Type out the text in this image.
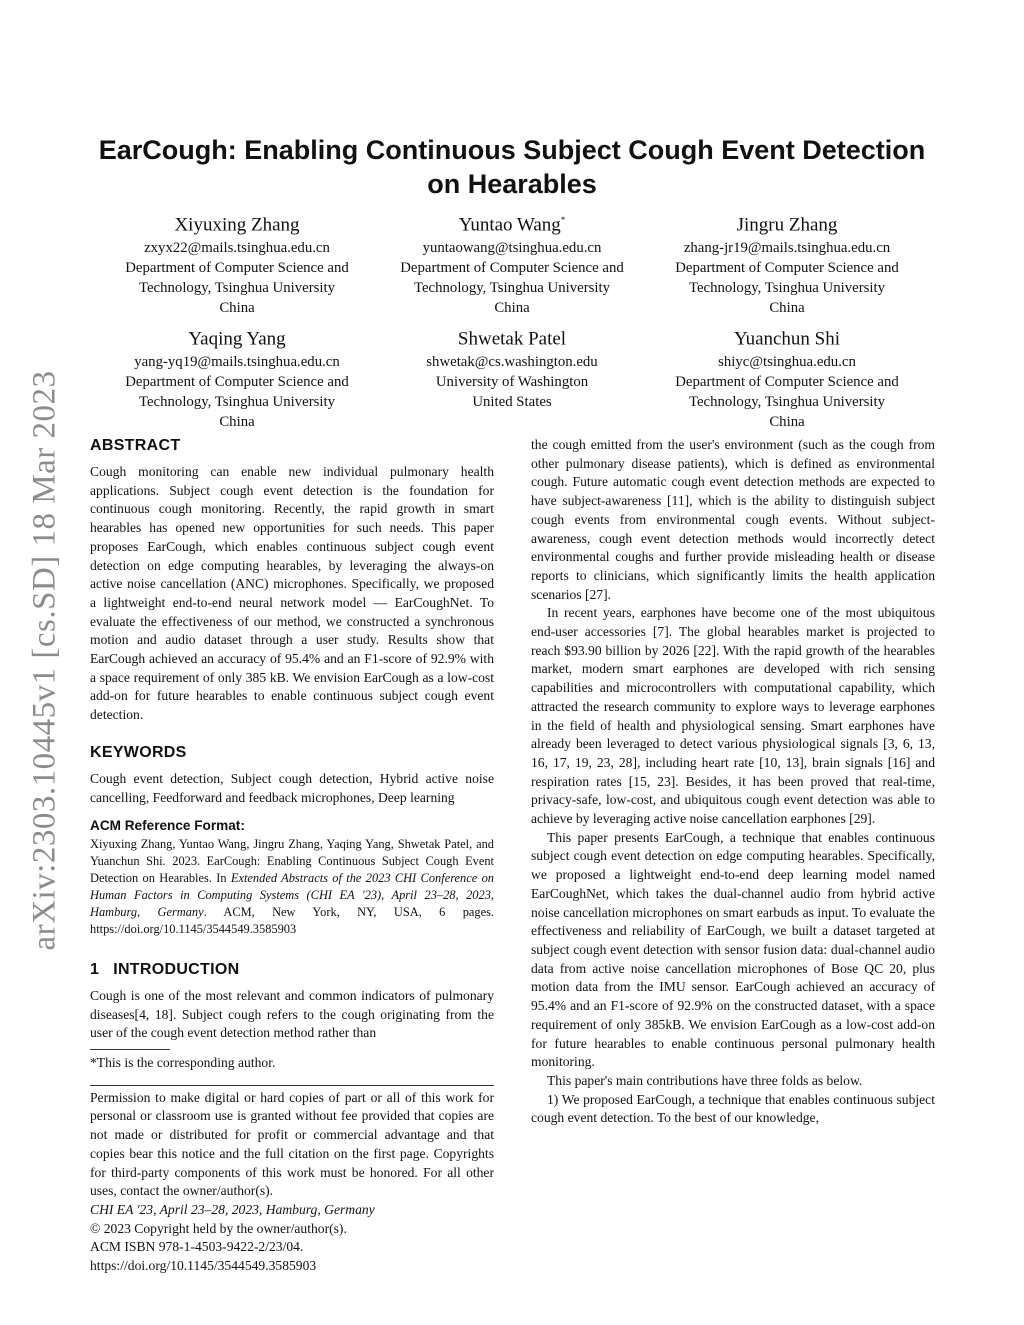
arXiv:2303.10445v1 [cs.SD] 18 Mar 2023
EarCough: Enabling Continuous Subject Cough Event Detection on Hearables
Xiyuxing Zhang
zxyx22@mails.tsinghua.edu.cn
Department of Computer Science and Technology, Tsinghua University
China
Yuntao Wang*
yuntaowang@tsinghua.edu.cn
Department of Computer Science and Technology, Tsinghua University
China
Jingru Zhang
zhang-jr19@mails.tsinghua.edu.cn
Department of Computer Science and Technology, Tsinghua University
China
Yaqing Yang
yang-yq19@mails.tsinghua.edu.cn
Department of Computer Science and Technology, Tsinghua University
China
Shwetak Patel
shwetak@cs.washington.edu
University of Washington
United States
Yuanchun Shi
shiyc@tsinghua.edu.cn
Department of Computer Science and Technology, Tsinghua University
China
ABSTRACT

Cough monitoring can enable new individual pulmonary health applications. Subject cough event detection is the foundation for continuous cough monitoring. Recently, the rapid growth in smart hearables has opened new opportunities for such needs. This paper proposes EarCough, which enables continuous subject cough event detection on edge computing hearables, by leveraging the always-on active noise cancellation (ANC) microphones. Specifically, we proposed a lightweight end-to-end neural network model — EarCoughNet. To evaluate the effectiveness of our method, we constructed a synchronous motion and audio dataset through a user study. Results show that EarCough achieved an accuracy of 95.4% and an F1-score of 92.9% with a space requirement of only 385 kB. We envision EarCough as a low-cost add-on for future hearables to enable continuous subject cough event detection.

KEYWORDS

Cough event detection, Subject cough detection, Hybrid active noise cancelling, Feedforward and feedback microphones, Deep learning

ACM Reference Format:

Xiyuxing Zhang, Yuntao Wang, Jingru Zhang, Yaqing Yang, Shwetak Patel, and Yuanchun Shi. 2023. EarCough: Enabling Continuous Subject Cough Event Detection on Hearables. In Extended Abstracts of the 2023 CHI Conference on Human Factors in Computing Systems (CHI EA '23), April 23–28, 2023, Hamburg, Germany. ACM, New York, NY, USA, 6 pages. https://doi.org/10.1145/3544549.3585903

1 INTRODUCTION

Cough is one of the most relevant and common indicators of pulmonary diseases[4, 18]. Subject cough refers to the cough originating from the user of the cough event detection method rather than

*This is the corresponding author.

Permission to make digital or hard copies of part or all of this work for personal or classroom use is granted without fee provided that copies are not made or distributed for profit or commercial advantage and that copies bear this notice and the full citation on the first page. Copyrights for third-party components of this work must be honored. For all other uses, contact the owner/author(s).

CHI EA '23, April 23–28, 2023, Hamburg, Germany

© 2023 Copyright held by the owner/author(s).

ACM ISBN 978-1-4503-9422-2/23/04.

https://doi.org/10.1145/3544549.3585903

the cough emitted from the user's environment (such as the cough from other pulmonary disease patients), which is defined as environmental cough. Future automatic cough event detection methods are expected to have subject-awareness [11], which is the ability to distinguish subject cough events from environmental cough events. Without subject-awareness, cough event detection methods would incorrectly detect environmental coughs and further provide misleading health or disease reports to clinicians, which significantly limits the health application scenarios [27].

In recent years, earphones have become one of the most ubiquitous end-user accessories [7]. The global hearables market is projected to reach $93.90 billion by 2026 [22]. With the rapid growth of the hearables market, modern smart earphones are developed with rich sensing capabilities and microcontrollers with computational capability, which attracted the research community to explore ways to leverage earphones in the field of health and physiological sensing. Smart earphones have already been leveraged to detect various physiological signals [3, 6, 13, 16, 17, 19, 23, 28], including heart rate [10, 13], brain signals [16] and respiration rates [15, 23]. Besides, it has been proved that real-time, privacy-safe, low-cost, and ubiquitous cough event detection was able to achieve by leveraging active noise cancellation earphones [29].

This paper presents EarCough, a technique that enables continuous subject cough event detection on edge computing hearables. Specifically, we proposed a lightweight end-to-end deep learning model named EarCoughNet, which takes the dual-channel audio from hybrid active noise cancellation microphones on smart earbuds as input. To evaluate the effectiveness and reliability of EarCough, we built a dataset targeted at subject cough event detection with sensor fusion data: dual-channel audio data from active noise cancellation microphones of Bose QC 20, plus motion data from the IMU sensor. EarCough achieved an accuracy of 95.4% and an F1-score of 92.9% on the constructed dataset, with a space requirement of only 385kB. We envision EarCough as a low-cost add-on for future hearables to enable continuous personal pulmonary health monitoring.

This paper's main contributions have three folds as below.

1) We proposed EarCough, a technique that enables continuous subject cough event detection. To the best of our knowledge,
